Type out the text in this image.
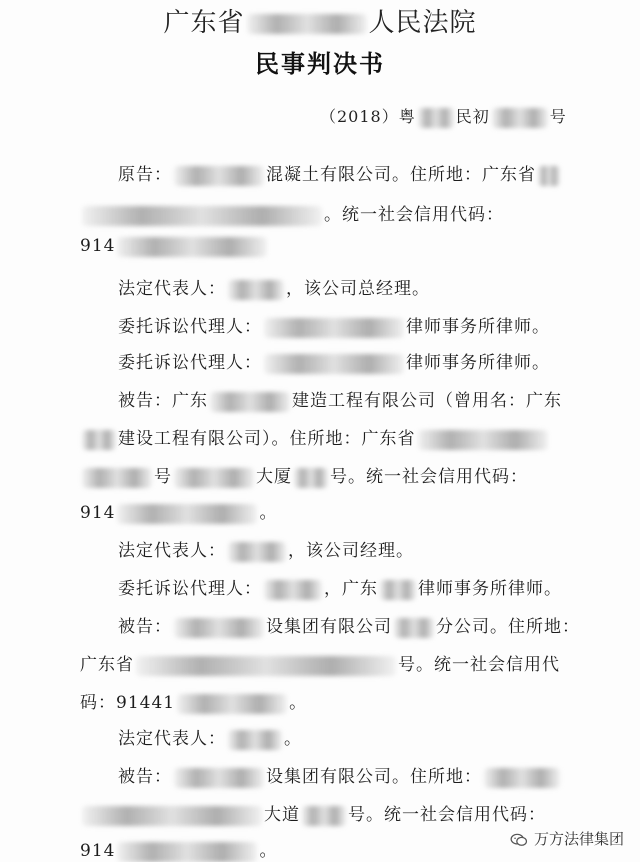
广东省	人民法院
民事判决书
（2018）粤	民初	号
原告：	混凝土有限公司。住所地：广东省
。统一社会信用代码：
914
法定代表人：	，该公司总经理。
委托诉讼代理人：	律师事务所律师。
委托诉讼代理人：	律师事务所律师。
被告：广东	建造工程有限公司（曾用名：广东
建设工程有限公司）。住所地：广东省
号	大厦 号。统一社会信用代码：
914	。
法定代表人：	，该公司经理。
委托诉讼代理人：	，广东 律师事务所律师。
被告：	设集团有限公司	分公司。住所地：
广东省	号。统一社会信用代
码：91441	。
法定代表人：	。
被告：	设集团有限公司。住所地：
大道	号。统一社会信用代码：
914	。
万方法律集团
